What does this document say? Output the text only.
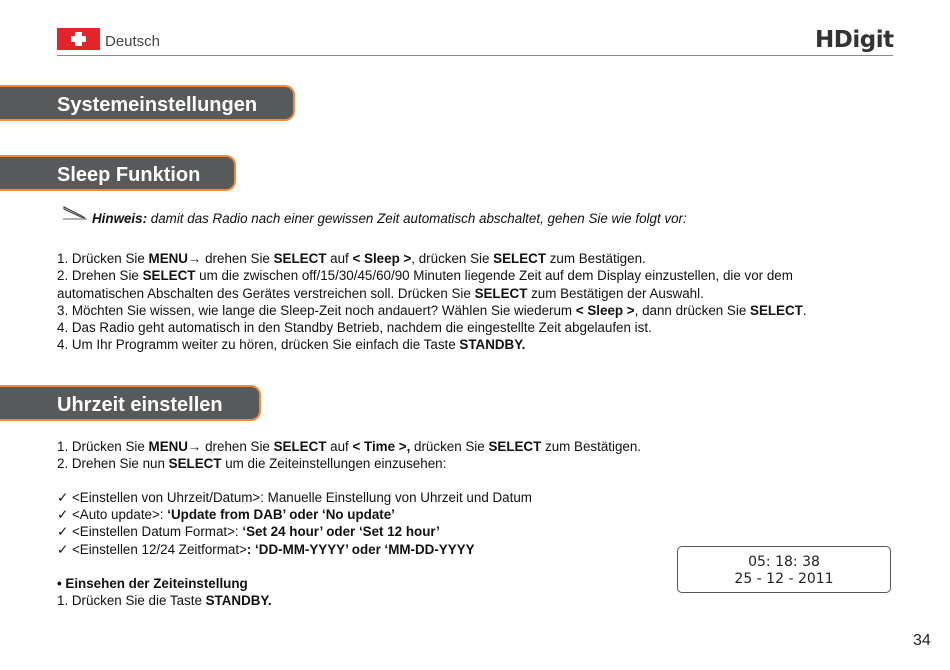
Deutsch	HDigit
Systemeinstellungen
Sleep Funktion
Hinweis: damit das Radio nach einer gewissen Zeit automatisch abschaltet, gehen Sie wie folgt vor:
1. Drücken Sie MENU→ drehen Sie SELECT auf < Sleep >, drücken Sie SELECT zum Bestätigen.
2. Drehen Sie SELECT um die zwischen off/15/30/45/60/90 Minuten liegende Zeit auf dem Display einzustellen, die vor dem
automatischen Abschalten des Gerätes verstreichen soll. Drücken Sie SELECT zum Bestätigen der Auswahl.
3. Möchten Sie wissen, wie lange die Sleep-Zeit noch andauert? Wählen Sie wiederum < Sleep >, dann drücken Sie SELECT.
4. Das Radio geht automatisch in den Standby Betrieb, nachdem die eingestellte Zeit abgelaufen ist.
4. Um Ihr Programm weiter zu hören, drücken Sie einfach die Taste STANDBY.
Uhrzeit einstellen
1. Drücken Sie MENU→ drehen Sie SELECT auf < Time >, drücken Sie SELECT zum Bestätigen.
2. Drehen Sie nun SELECT um die Zeiteinstellungen einzusehen:
✓ <Einstellen von Uhrzeit/Datum>: Manuelle Einstellung von Uhrzeit und Datum
✓ <Auto update>: ‘Update from DAB’ oder ‘No update’
✓ <Einstellen Datum Format>: ‘Set 24 hour’ oder ‘Set 12 hour’
✓ <Einstellen 12/24 Zeitformat>: ‘DD-MM-YYYY’ oder ‘MM-DD-YYYY
• Einsehen der Zeiteinstellung
1. Drücken Sie die Taste STANDBY.
05: 18: 38
25 - 12 - 2011
34
